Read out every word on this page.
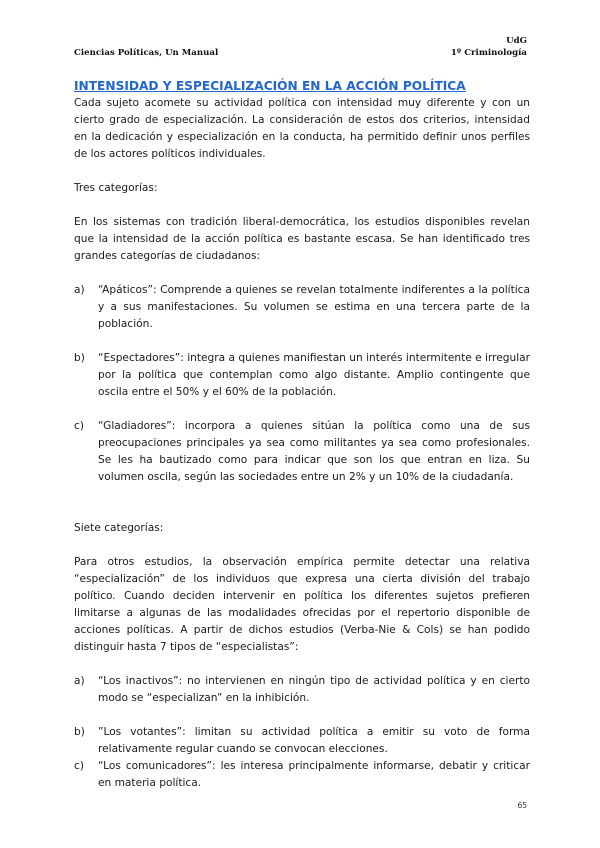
Ciencias Políticas, Un Manual
UdG
1º Criminología
INTENSIDAD Y ESPECIALIZACIÓN EN LA ACCIÓN POLÍTICA

Cada sujeto acomete su actividad política con intensidad muy diferente y con un cierto grado de especialización. La consideración de estos dos criterios, intensidad en la dedicación y especialización en la conducta, ha permitido definir unos perfiles de los actores políticos individuales.

Tres categorías:

En los sistemas con tradición liberal-democrática, los estudios disponibles revelan que la intensidad de la acción política es bastante escasa. Se han identificado tres grandes categorías de ciudadanos:

a) “Apáticos”: Comprende a quienes se revelan totalmente indiferentes a la política y a sus manifestaciones. Su volumen se estima en una tercera parte de la población.
b) “Espectadores”: integra a quienes manifiestan un interés intermitente e irregular por la política que contemplan como algo distante. Amplio contingente que oscila entre el 50% y el 60% de la población.
c) “Gladiadores”: incorpora a quienes sitúan la política como una de sus preocupaciones principales ya sea como militantes ya sea como profesionales. Se les ha bautizado como para indicar que son los que entran en liza. Su volumen oscila, según las sociedades entre un 2% y un 10% de la ciudadanía.
Siete categorías:

Para otros estudios, la observación empírica permite detectar una relativa “especialización” de los individuos que expresa una cierta división del trabajo político. Cuando deciden intervenir en política los diferentes sujetos prefieren limitarse a algunas de las modalidades ofrecidas por el repertorio disponible de acciones políticas. A partir de dichos estudios (Verba-Nie & Cols) se han podido distinguir hasta 7 tipos de “especialistas”:

a) “Los inactivos”: no intervienen en ningún tipo de actividad política y en cierto modo se “especializan” en la inhibición.
b) ”Los votantes”: limitan su actividad política a emitir su voto de forma relativamente regular cuando se convocan elecciones.
c) “Los comunicadores”: les interesa principalmente informarse, debatir y criticar en materia política.
65
